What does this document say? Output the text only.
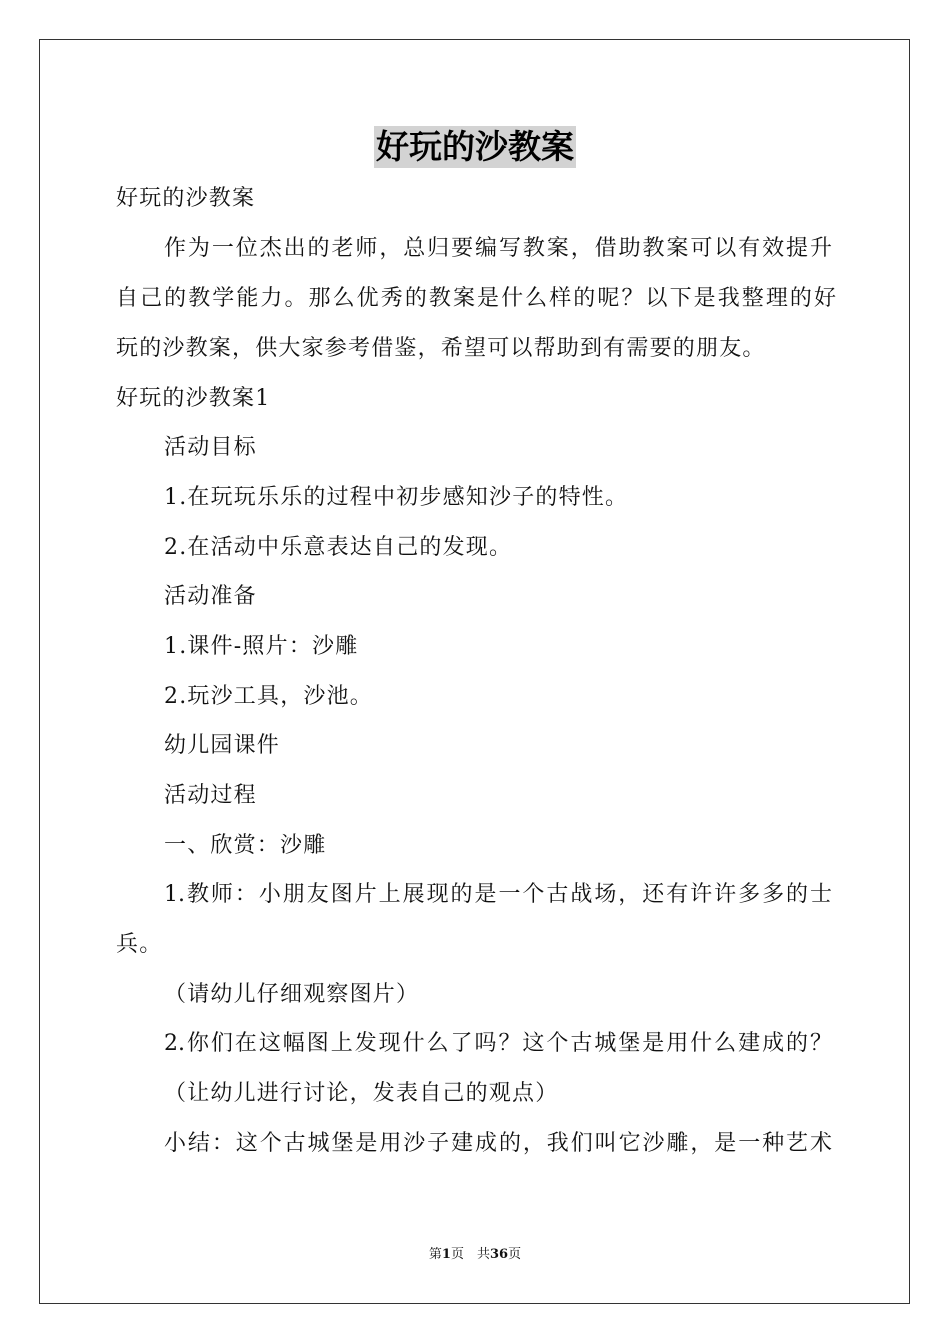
好玩的沙教案
好玩的沙教案
作为一位杰出的老师，总归要编写教案，借助教案可以有效提升
自己的教学能力。那么优秀的教案是什么样的呢？以下是我整理的好
玩的沙教案，供大家参考借鉴，希望可以帮助到有需要的朋友。
好玩的沙教案1
活动目标
1.在玩玩乐乐的过程中初步感知沙子的特性。
2.在活动中乐意表达自己的发现。
活动准备
1.课件-照片：沙雕
2.玩沙工具，沙池。
幼儿园课件
活动过程
一、欣赏：沙雕
1.教师：小朋友图片上展现的是一个古战场，还有许许多多的士
兵。
（请幼儿仔细观察图片）
2.你们在这幅图上发现什么了吗？这个古城堡是用什么建成的？
（让幼儿进行讨论，发表自己的观点）
小结：这个古城堡是用沙子建成的，我们叫它沙雕，是一种艺术
第1页　共36页
